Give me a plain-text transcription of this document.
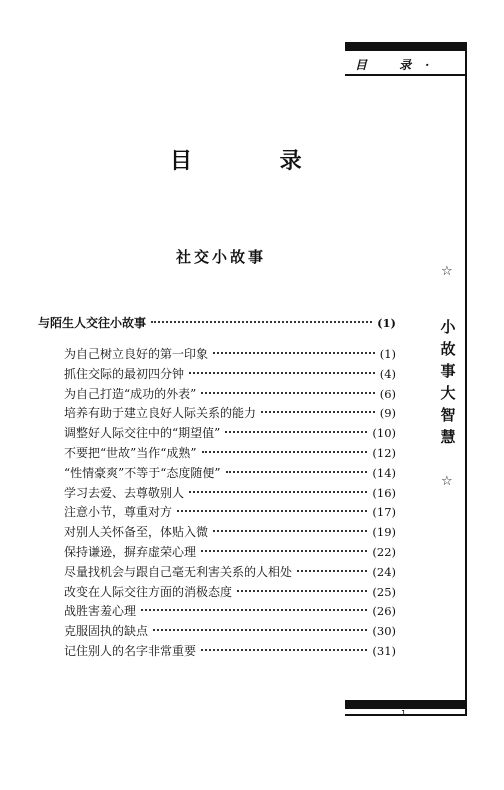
目 录·
☆
小
故
事
大
智
慧
☆
目 录
社交小故事
与陌生人交往小故事	(1)
为自己树立良好的第一印象	(1)
抓住交际的最初四分钟	(4)
为自己打造“成功的外表”	(6)
培养有助于建立良好人际关系的能力	(9)
调整好人际交往中的“期望值”	(10)
不要把“世故”当作“成熟”	(12)
“性情豪爽”不等于“态度随便”	(14)
学习去爱、去尊敬别人	(16)
注意小节，尊重对方	(17)
对别人关怀备至，体贴入微	(19)
保持谦逊，摒弃虚荣心理	(22)
尽量找机会与跟自己毫无利害关系的人相处	(24)
改变在人际交往方面的消极态度	(25)
战胜害羞心理	(26)
克服固执的缺点	(30)
记住别人的名字非常重要	(31)
